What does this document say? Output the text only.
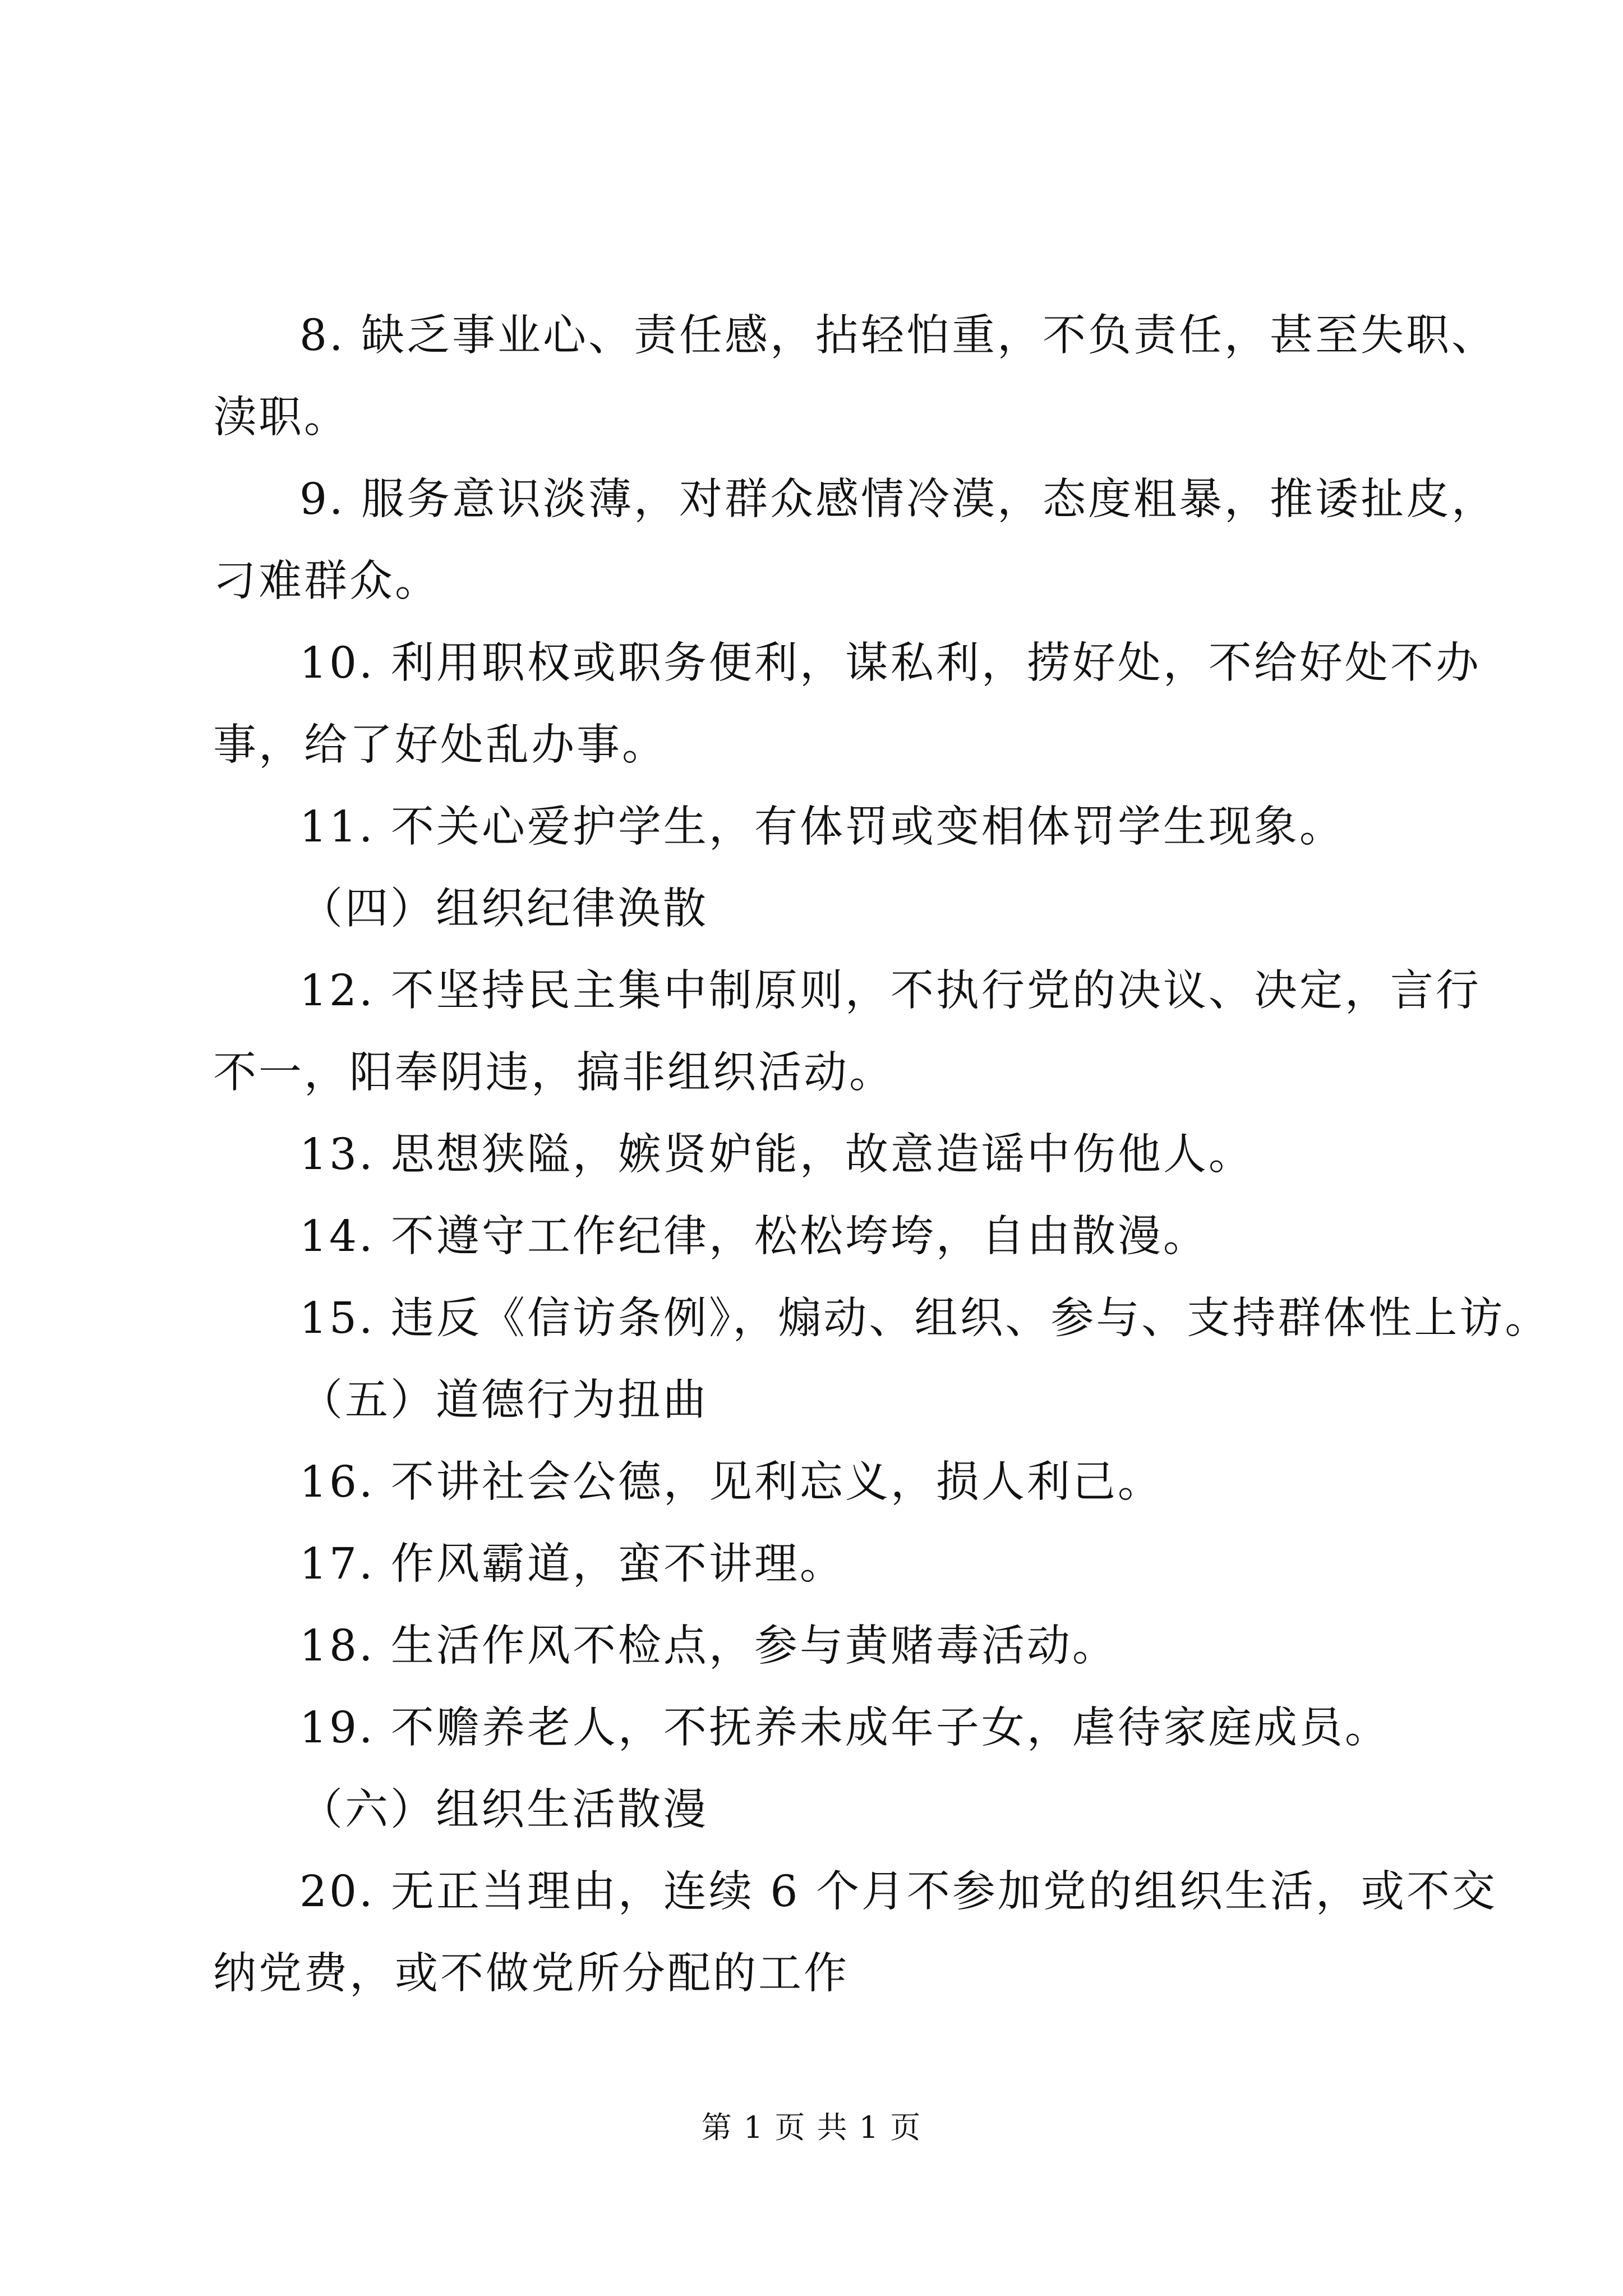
8. 缺乏事业心、责任感，拈轻怕重，不负责任，甚至失职、
渎职。
9. 服务意识淡薄，对群众感情冷漠，态度粗暴，推诿扯皮，
刁难群众。
10. 利用职权或职务便利，谋私利，捞好处，不给好处不办
事，给了好处乱办事。
11. 不关心爱护学生，有体罚或变相体罚学生现象。
（四）组织纪律涣散
12. 不坚持民主集中制原则，不执行党的决议、决定，言行
不一，阳奉阴违，搞非组织活动。
13. 思想狭隘，嫉贤妒能，故意造谣中伤他人。
14. 不遵守工作纪律，松松垮垮，自由散漫。
15. 违反《信访条例》，煽动、组织、参与、支持群体性上访。
（五）道德行为扭曲
16. 不讲社会公德，见利忘义，损人利己。
17. 作风霸道，蛮不讲理。
18. 生活作风不检点，参与黄赌毒活动。
19. 不赡养老人，不抚养未成年子女，虐待家庭成员。
（六）组织生活散漫
20. 无正当理由，连续 6 个月不参加党的组织生活，或不交
纳党费，或不做党所分配的工作
第 1 页 共 1 页
